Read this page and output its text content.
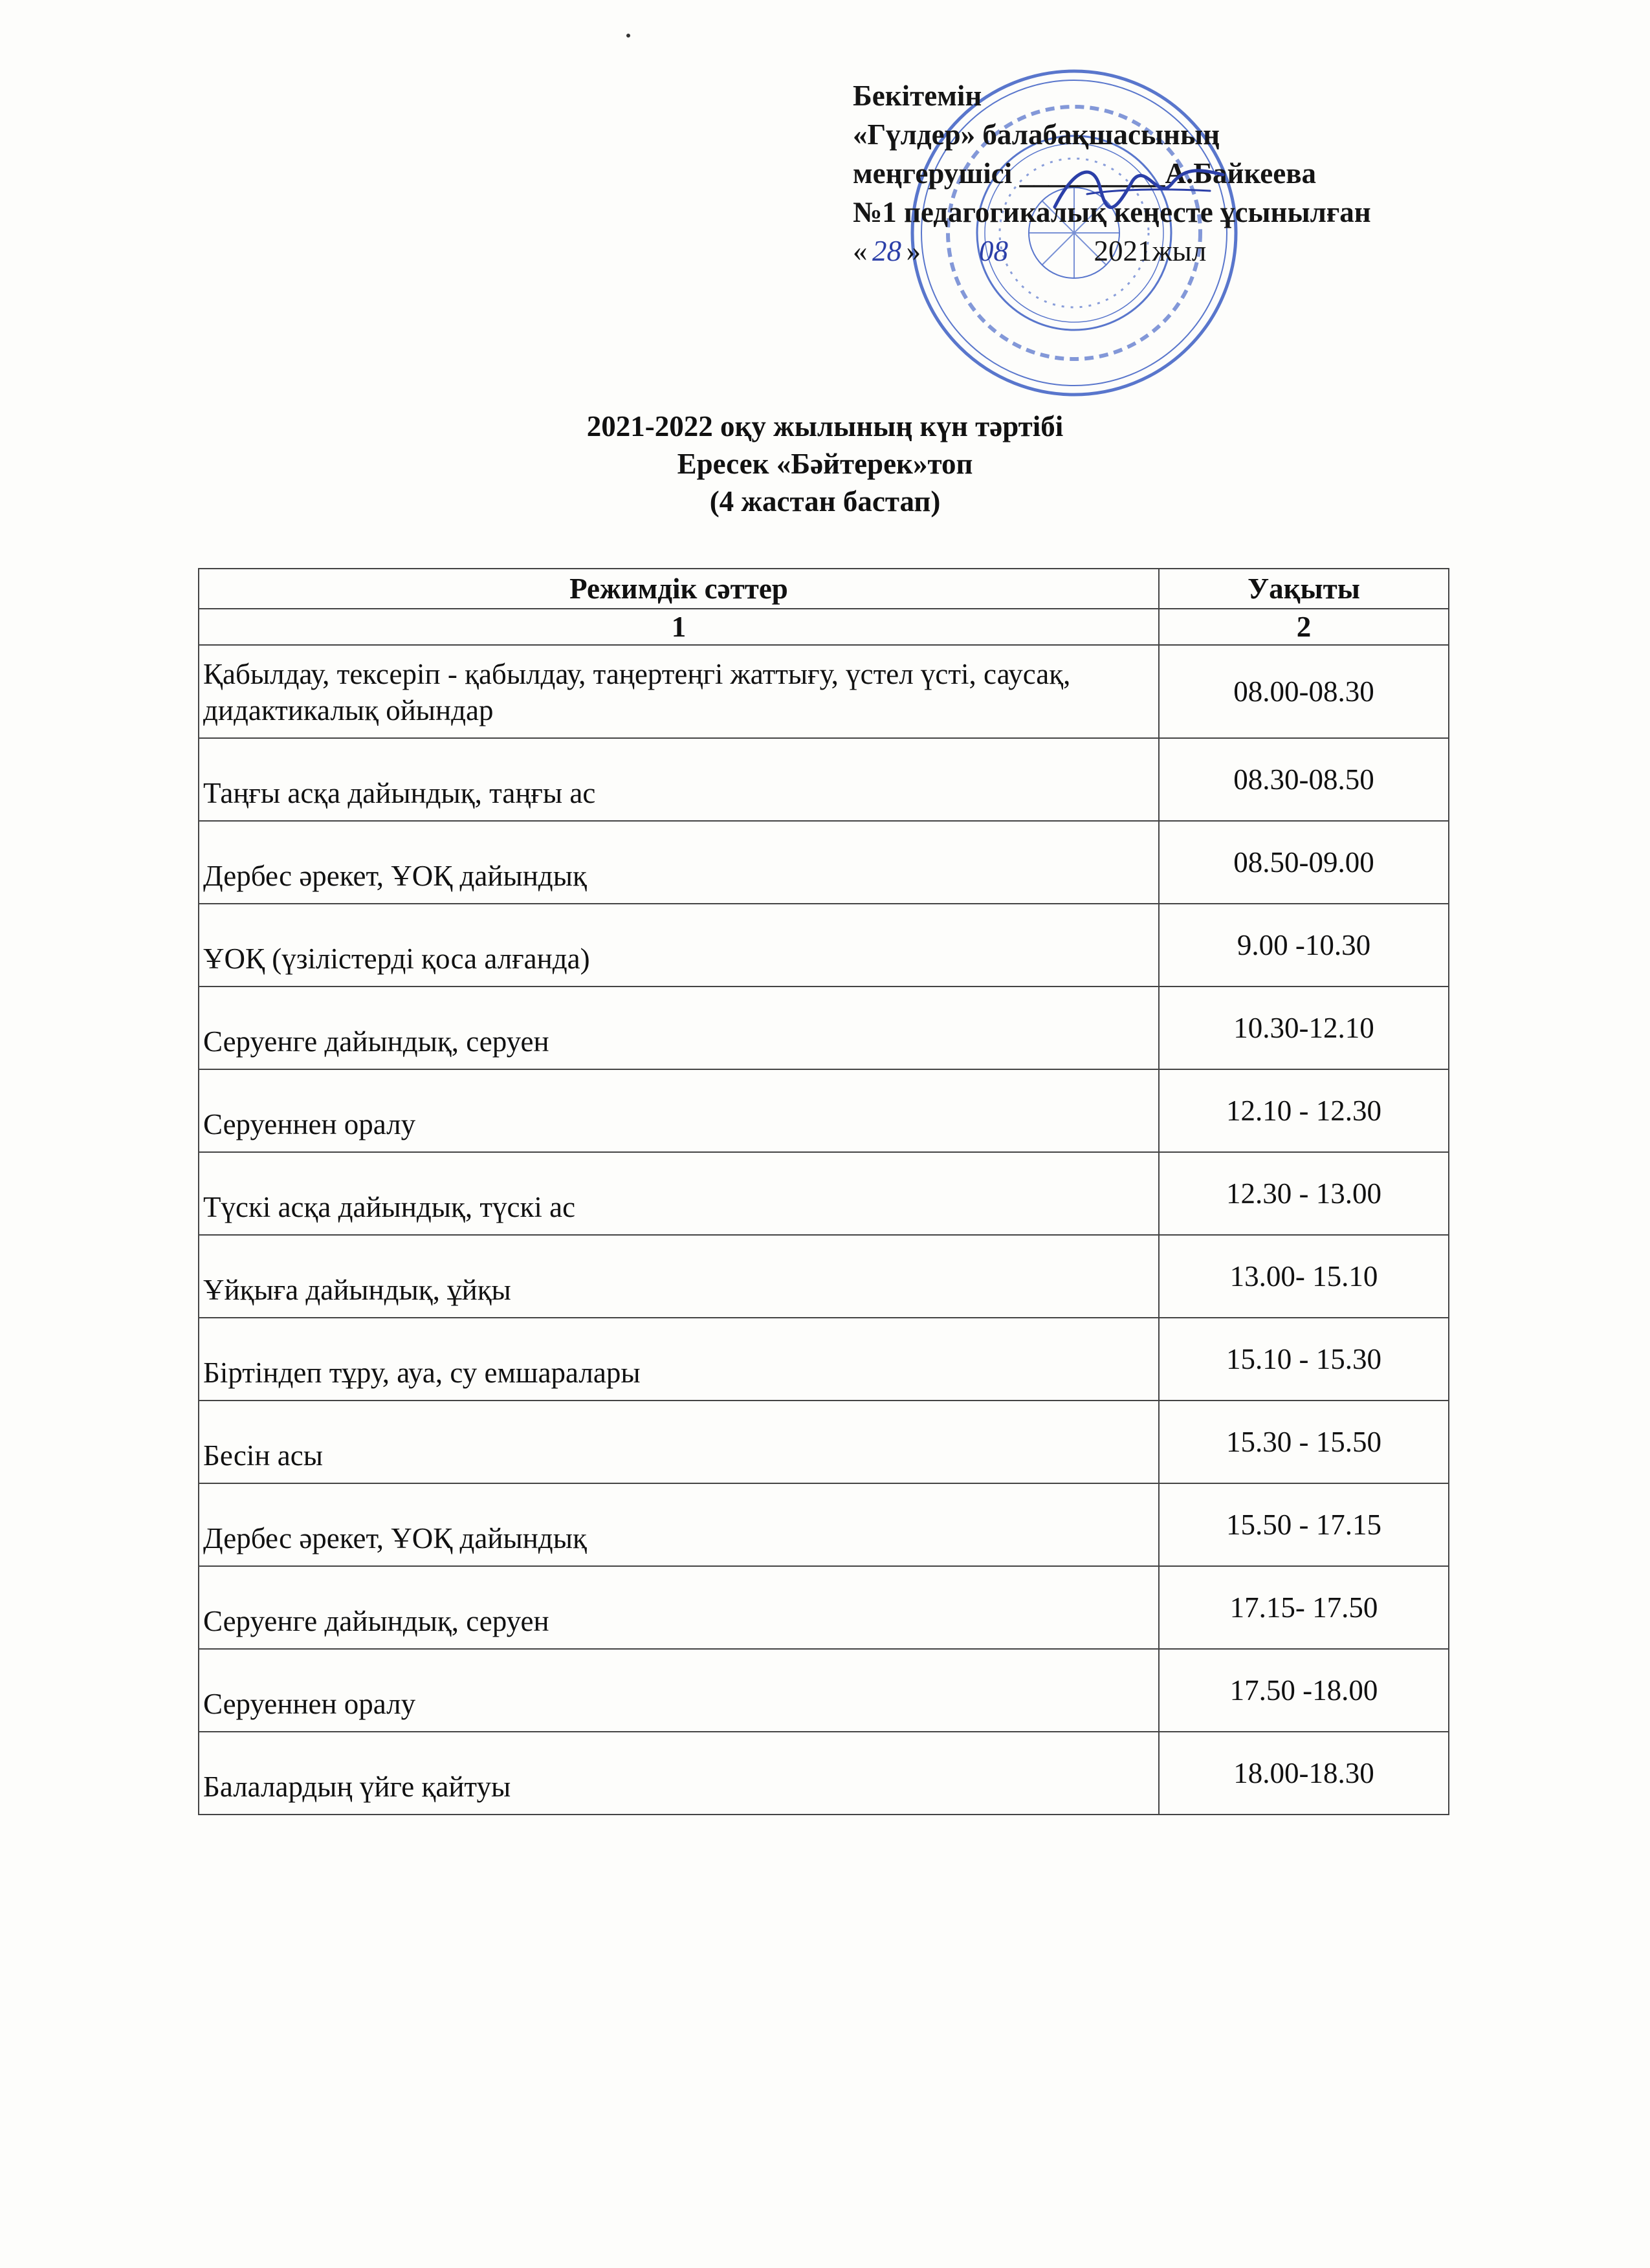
Бекітемін
«Гүлдер» балабақшасының
меңгерушісі __________А.Байкеева
№1 педагогикалық кеңесте ұсынылған
« 28 » 08	2021жыл
2021-2022 оқу жылының күн тәртібі
Ересек «Бәйтерек»топ
(4 жастан бастап)
Режимдік сәттер	Уақыты
1	2
Қабылдау, тексеріп - қабылдау, таңертеңгі жаттығу, үстел үсті, саусақ, дидактикалық ойындар	08.00-08.30
Таңғы асқа дайындық, таңғы ас	08.30-08.50
Дербес әрекет, ҰОҚ дайындық	08.50-09.00
ҰОҚ (үзілістерді қоса алғанда)	9.00 -10.30
Серуенге дайындық, серуен	10.30-12.10
Серуеннен оралу	12.10 - 12.30
Түскі асқа дайындық, түскі ас	12.30 - 13.00
Ұйқыға дайындық, ұйқы	13.00- 15.10
Біртіндеп тұру, ауа, су емшаралары	15.10 - 15.30
Бесін асы	15.30 - 15.50
Дербес әрекет, ҰОҚ дайындық	15.50 - 17.15
Серуенге дайындық, серуен	17.15- 17.50
Серуеннен оралу	17.50 -18.00
Балалардың үйге қайтуы	18.00-18.30
